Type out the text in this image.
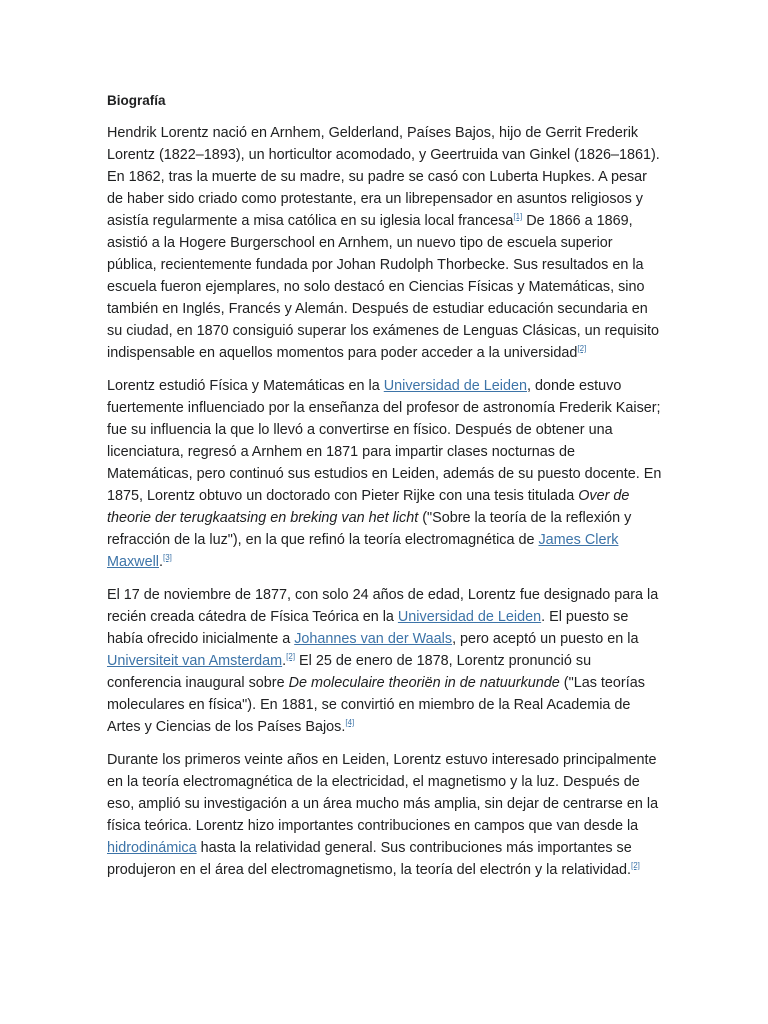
Biografía

Hendrik Lorentz nació en Arnhem, Gelderland, Países Bajos, hijo de Gerrit Frederik Lorentz (1822–1893), un horticultor acomodado, y Geertruida van Ginkel (1826–1861). En 1862, tras la muerte de su madre, su padre se casó con Luberta Hupkes. A pesar de haber sido criado como protestante, era un librepensador en asuntos religiosos y asistía regularmente a misa católica en su iglesia local francesa[1] De 1866 a 1869, asistió a la Hogere Burgerschool en Arnhem, un nuevo tipo de escuela superior pública, recientemente fundada por Johan Rudolph Thorbecke. Sus resultados en la escuela fueron ejemplares, no solo destacó en Ciencias Físicas y Matemáticas, sino también en Inglés, Francés y Alemán. Después de estudiar educación secundaria en su ciudad, en 1870 consiguió superar los exámenes de Lenguas Clásicas, un requisito indispensable en aquellos momentos para poder acceder a la universidad[2]

Lorentz estudió Física y Matemáticas en la Universidad de Leiden, donde estuvo fuertemente influenciado por la enseñanza del profesor de astronomía Frederik Kaiser; fue su influencia la que lo llevó a convertirse en físico. Después de obtener una licenciatura, regresó a Arnhem en 1871 para impartir clases nocturnas de Matemáticas, pero continuó sus estudios en Leiden, además de su puesto docente. En 1875, Lorentz obtuvo un doctorado con Pieter Rijke con una tesis titulada Over de theorie der terugkaatsing en breking van het licht ("Sobre la teoría de la reflexión y refracción de la luz"), en la que refinó la teoría electromagnética de James Clerk Maxwell.[3]

El 17 de noviembre de 1877, con solo 24 años de edad, Lorentz fue designado para la recién creada cátedra de Física Teórica en la Universidad de Leiden. El puesto se había ofrecido inicialmente a Johannes van der Waals, pero aceptó un puesto en la Universiteit van Amsterdam.[2] El 25 de enero de 1878, Lorentz pronunció su conferencia inaugural sobre De moleculaire theoriën in de natuurkunde ("Las teorías moleculares en física"). En 1881, se convirtió en miembro de la Real Academia de Artes y Ciencias de los Países Bajos.[4]

Durante los primeros veinte años en Leiden, Lorentz estuvo interesado principalmente en la teoría electromagnética de la electricidad, el magnetismo y la luz. Después de eso, amplió su investigación a un área mucho más amplia, sin dejar de centrarse en la física teórica. Lorentz hizo importantes contribuciones en campos que van desde la hidrodinámica hasta la relatividad general. Sus contribuciones más importantes se produjeron en el área del electromagnetismo, la teoría del electrón y la relatividad.[2]
